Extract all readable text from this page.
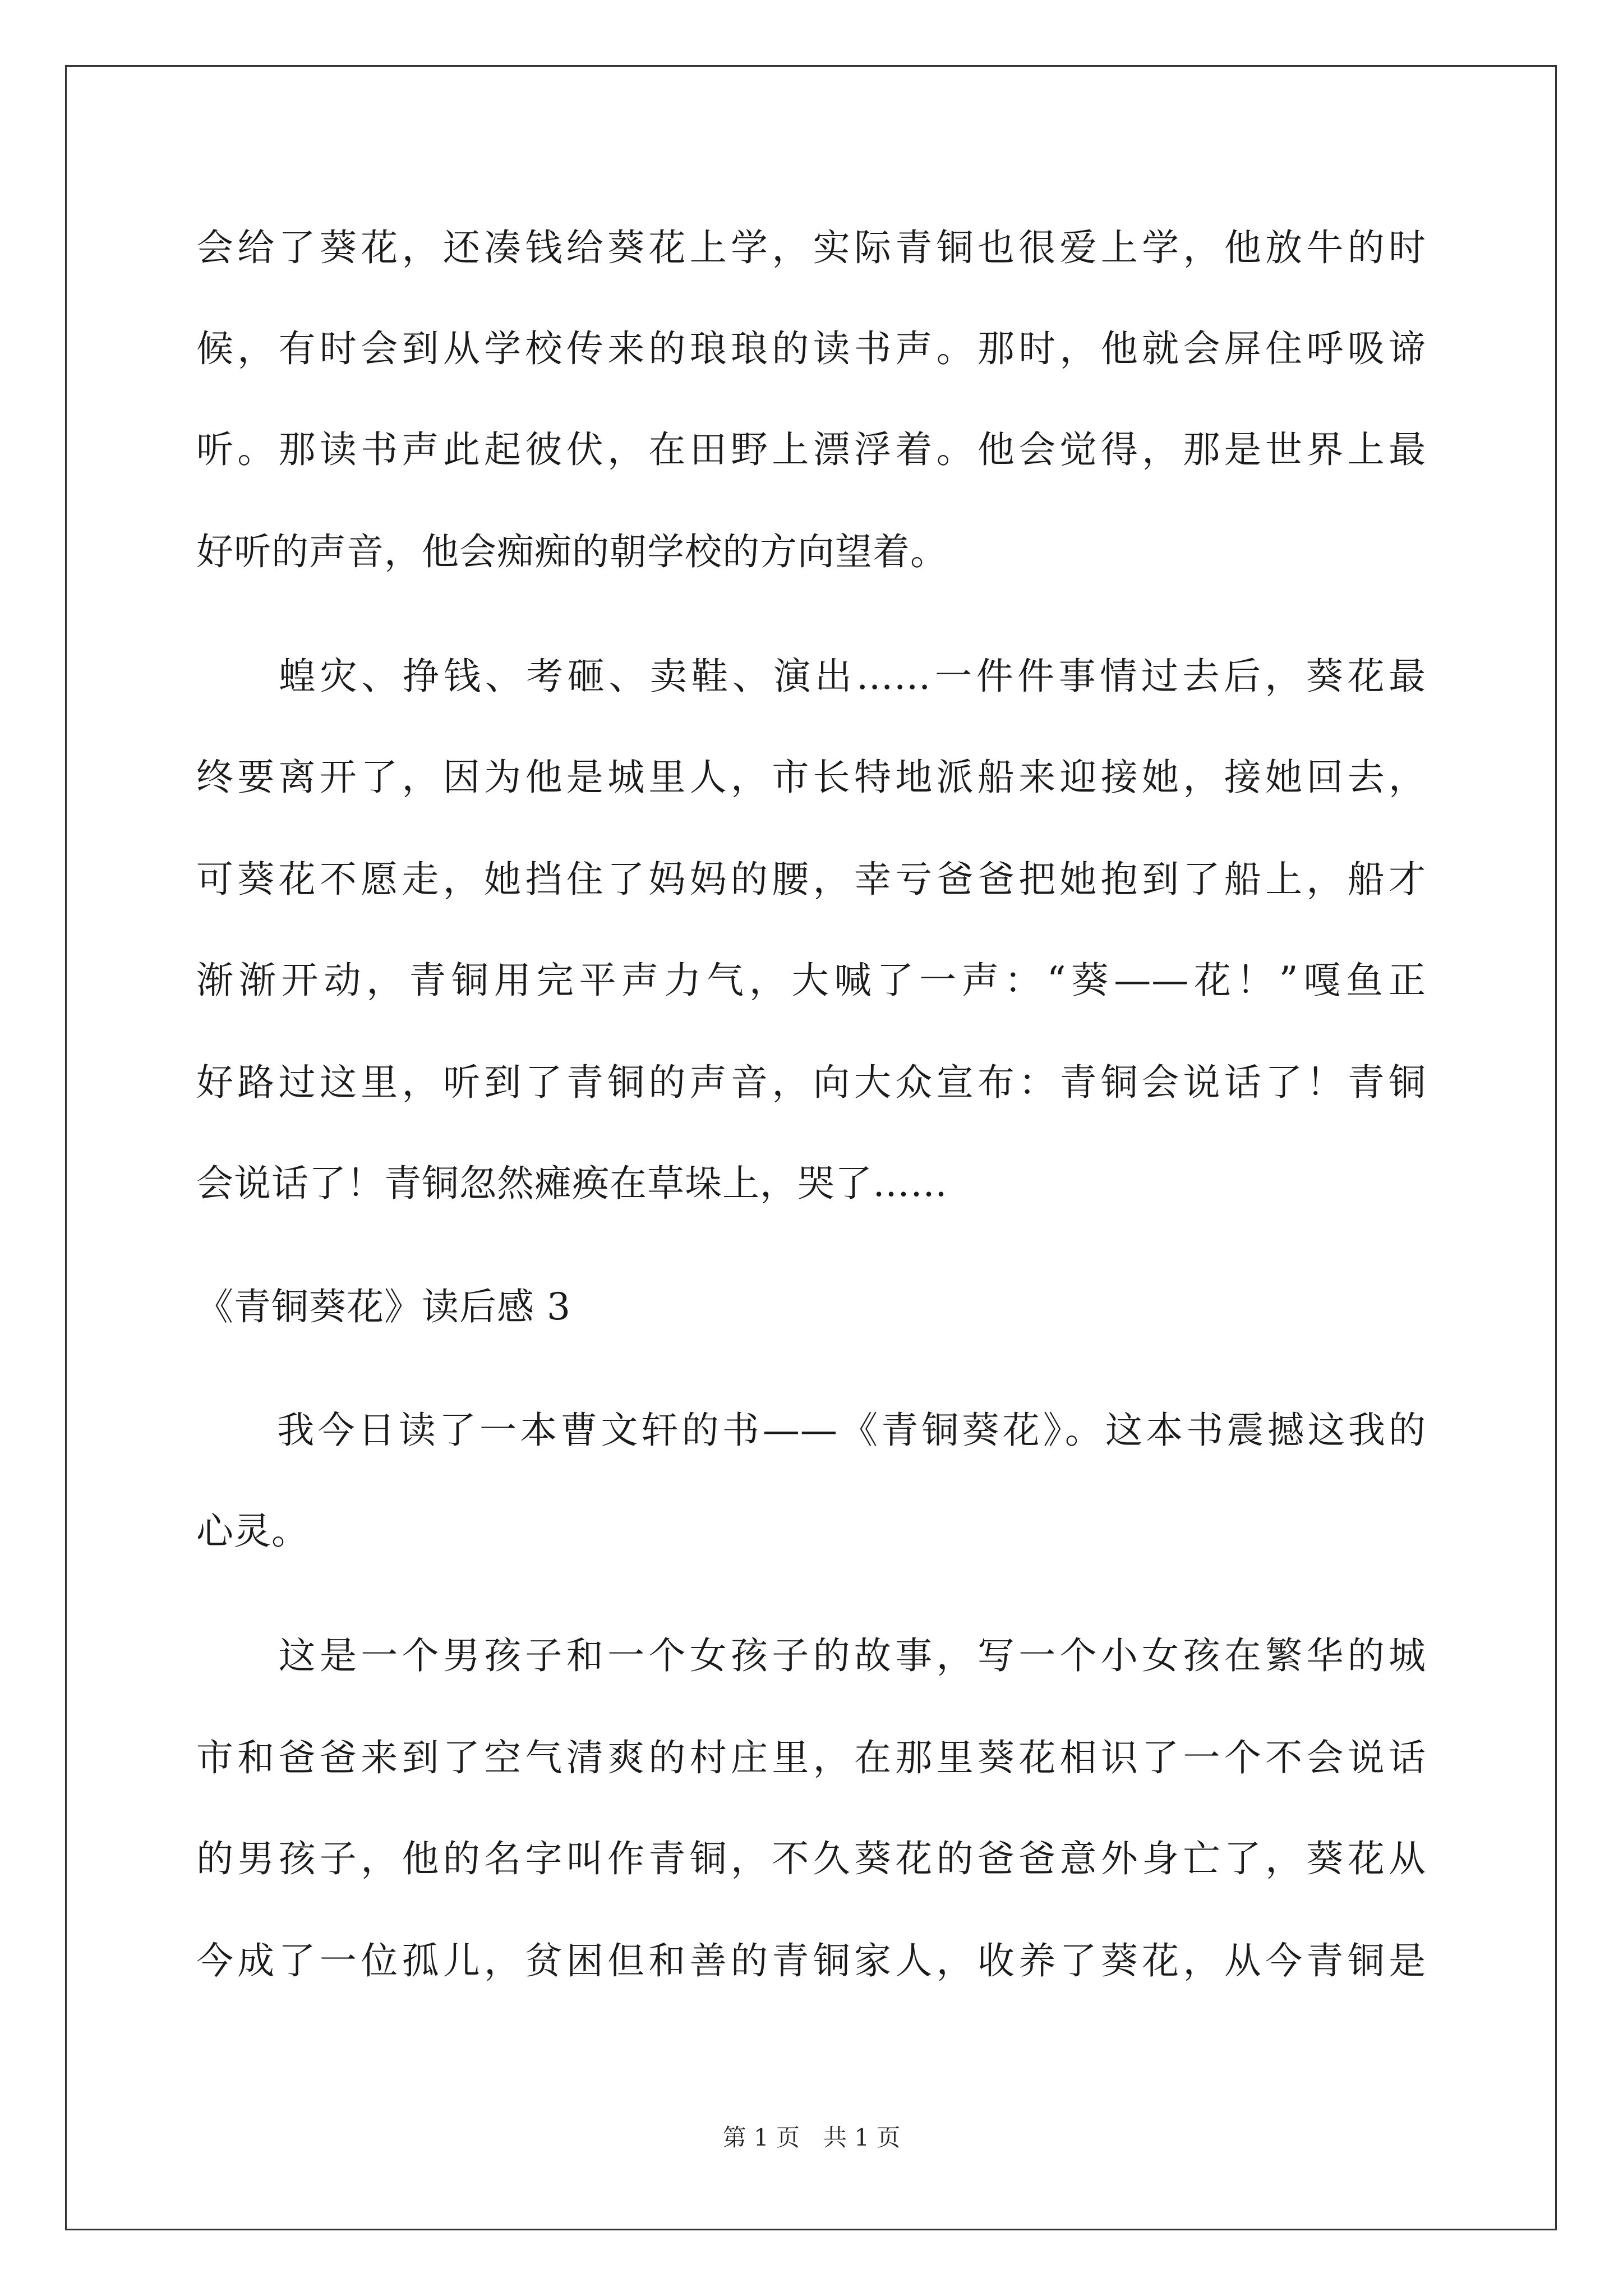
会给了葵花，还凑钱给葵花上学，实际青铜也很爱上学，他放牛的时
候，有时会到从学校传来的琅琅的读书声。那时，他就会屏住呼吸谛
听。那读书声此起彼伏，在田野上漂浮着。他会觉得，那是世界上最
好听的声音，他会痴痴的朝学校的方向望着。
　　蝗灾、挣钱、考砸、卖鞋、演出……一件件事情过去后，葵花最
终要离开了，因为他是城里人，市长特地派船来迎接她，接她回去，
可葵花不愿走，她挡住了妈妈的腰，幸亏爸爸把她抱到了船上，船才
渐渐开动，青铜用完平声力气，大喊了一声：“葵——花！”嘎鱼正
好路过这里，听到了青铜的声音，向大众宣布：青铜会说话了！青铜
会说话了！青铜忽然瘫痪在草垛上，哭了……
《青铜葵花》读后感 3
　　我今日读了一本曹文轩的书——《青铜葵花》。这本书震撼这我的
心灵。
　　这是一个男孩子和一个女孩子的故事，写一个小女孩在繁华的城
市和爸爸来到了空气清爽的村庄里，在那里葵花相识了一个不会说话
的男孩子，他的名字叫作青铜，不久葵花的爸爸意外身亡了，葵花从
今成了一位孤儿，贫困但和善的青铜家人，收养了葵花，从今青铜是
第 1 页　共 1 页
